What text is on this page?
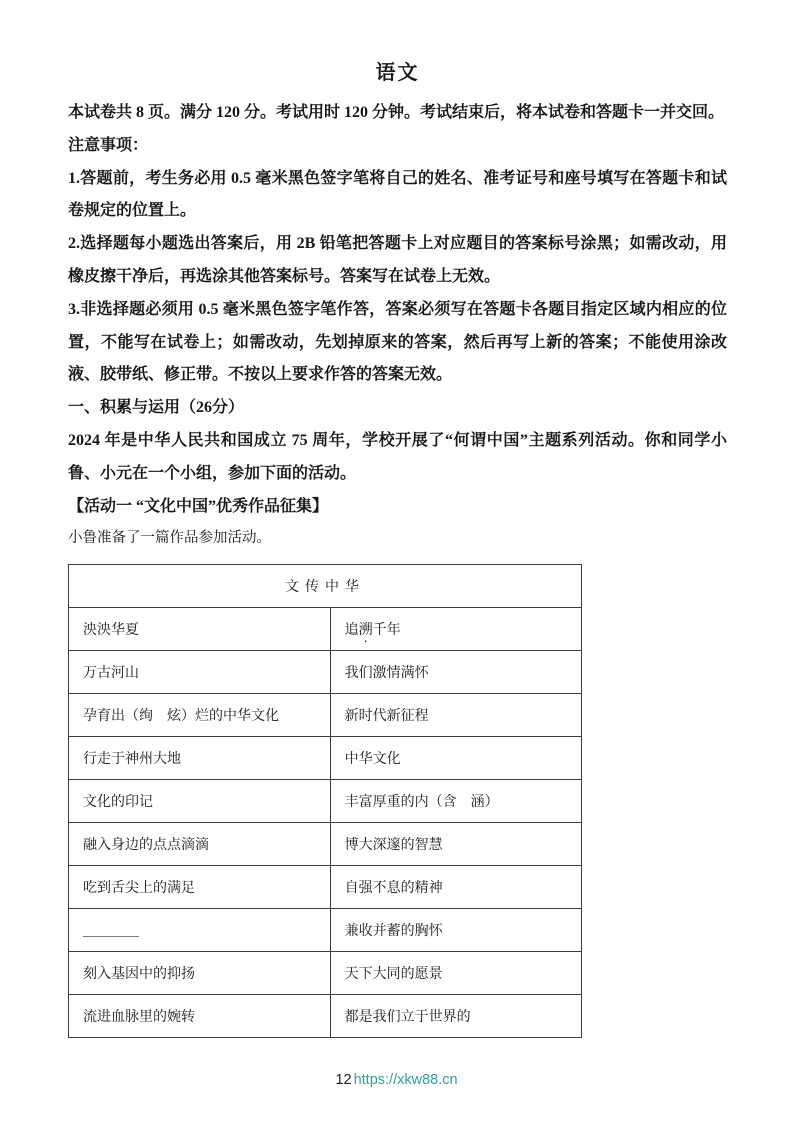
语文

本试卷共 8 页。满分 120 分。考试用时 120 分钟。考试结束后，将本试卷和答题卡一并交回。

注意事项：

1.答题前，考生务必用 0.5 毫米黑色签字笔将自己的姓名、准考证号和座号填写在答题卡和试卷规定的位置上。

2.选择题每小题选出答案后，用 2B 铅笔把答题卡上对应题目的答案标号涂黑；如需改动，用橡皮擦干净后，再选涂其他答案标号。答案写在试卷上无效。

3.非选择题必须用 0.5 毫米黑色签字笔作答，答案必须写在答题卡各题目指定区域内相应的位置，不能写在试卷上；如需改动，先划掉原来的答案，然后再写上新的答案；不能使用涂改液、胶带纸、修正带。不按以上要求作答的答案无效。

一、积累与运用（26分）

2024 年是中华人民共和国成立 75 周年，学校开展了“何谓中国”主题系列活动。你和同学小鲁、小元在一个小组，参加下面的活动。

【活动一 “文化中国”优秀作品征集】

小鲁准备了一篇作品参加活动。

文传中华	
泱泱华夏	追溯千年
万古河山	我们激情满怀
孕育出（绚　炫）烂的中华文化	新时代新征程
行走于神州大地	中华文化
文化的印记	丰富厚重的内（含　涵）
融入身边的点点滴滴	博大深邃的智慧
吃到舌尖上的满足	自强不息的精神
＿＿＿＿	兼收并蓄的胸怀
刻入基因中的抑扬	天下大同的愿景
流进血脉里的婉转	都是我们立于世界的
12 https://xkw88.cn
